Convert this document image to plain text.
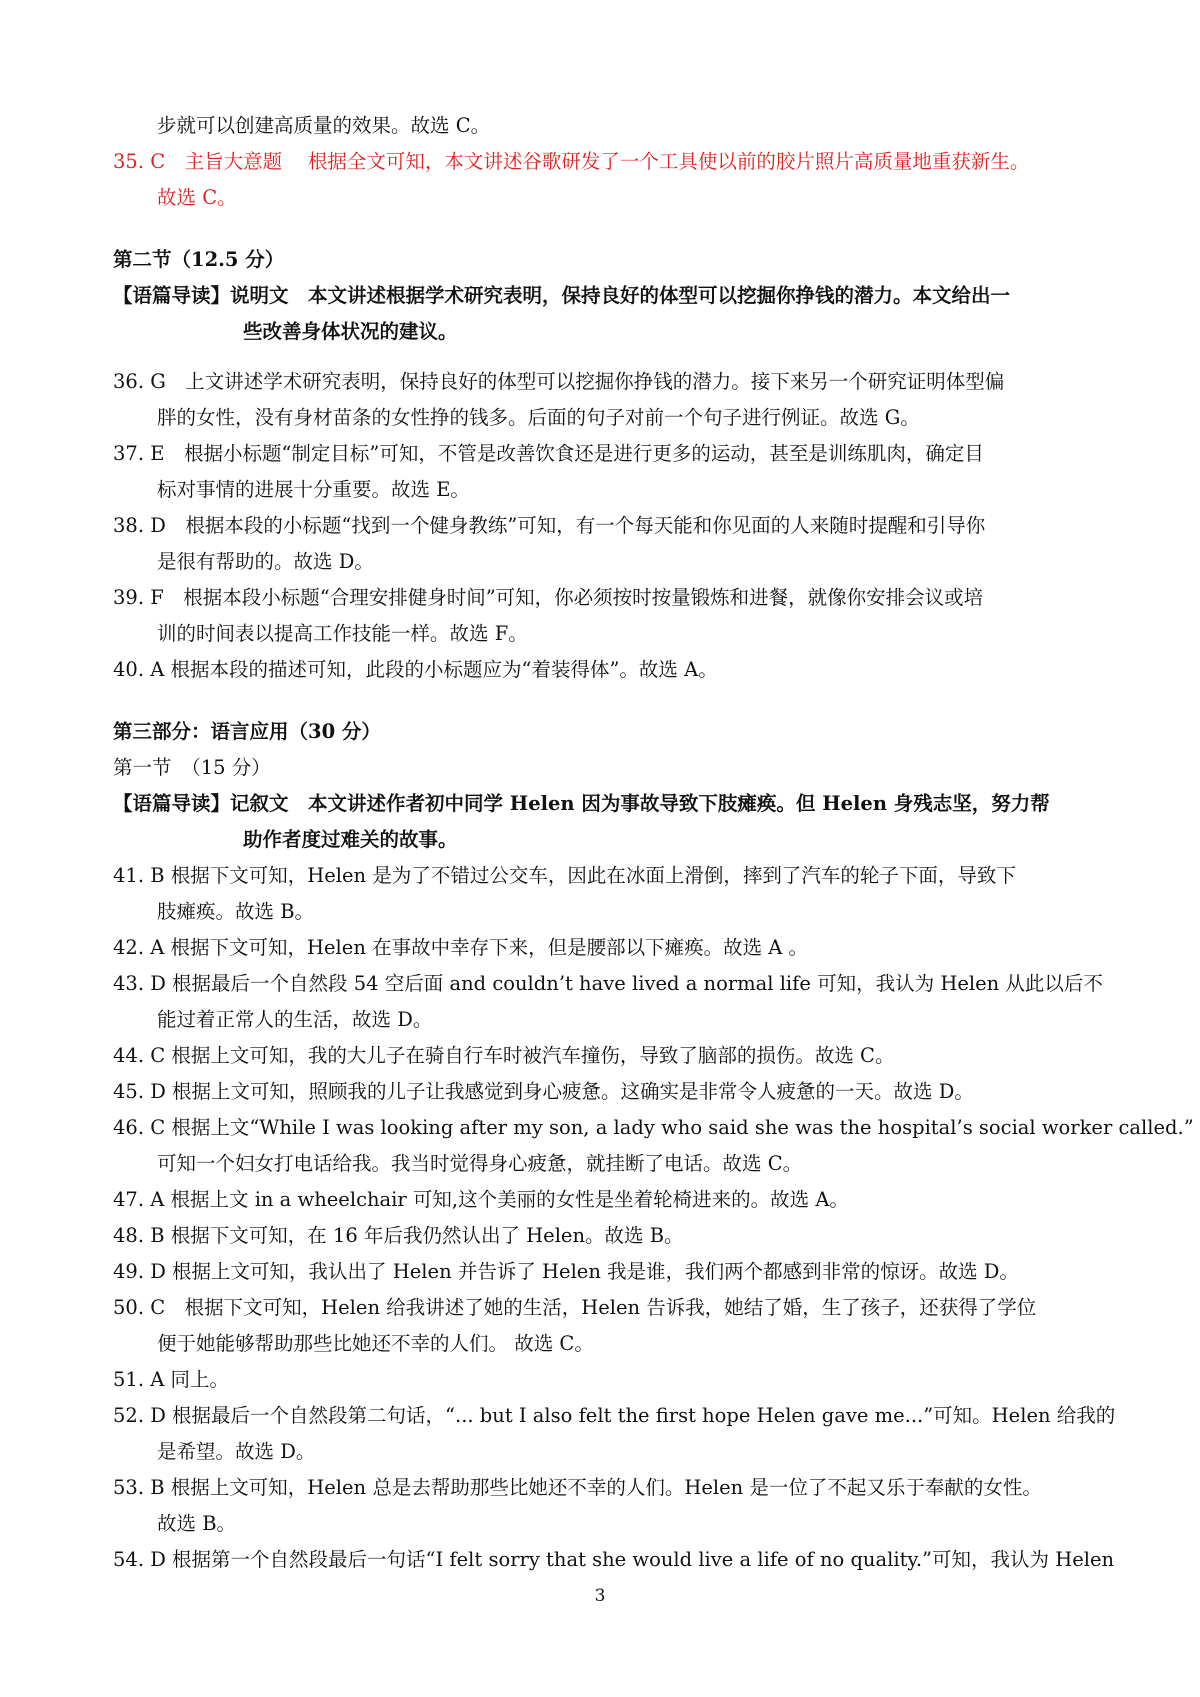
步就可以创建高质量的效果。故选 C。
35. C　主旨大意题　 根据全文可知，本文讲述谷歌研发了一个工具使以前的胶片照片高质量地重获新生。
故选 C。
第二节（12.5 分）
【语篇导读】说明文　本文讲述根据学术研究表明，保持良好的体型可以挖掘你挣钱的潜力。本文给出一
些改善身体状况的建议。
36. G　上文讲述学术研究表明，保持良好的体型可以挖掘你挣钱的潜力。接下来另一个研究证明体型偏
胖的女性，没有身材苗条的女性挣的钱多。后面的句子对前一个句子进行例证。故选 G。
37. E　根据小标题“制定目标”可知，不管是改善饮食还是进行更多的运动，甚至是训练肌肉，确定目
标对事情的进展十分重要。故选 E。
38. D　根据本段的小标题“找到一个健身教练”可知，有一个每天能和你见面的人来随时提醒和引导你
是很有帮助的。故选 D。
39. F　根据本段小标题“合理安排健身时间”可知，你必须按时按量锻炼和进餐，就像你安排会议或培
训的时间表以提高工作技能一样。故选 F。
40. A 根据本段的描述可知，此段的小标题应为“着装得体”。故选 A。
第三部分：语言应用（30 分）
第一节　（15 分）
【语篇导读】记叙文　本文讲述作者初中同学 Helen 因为事故导致下肢瘫痪。但 Helen 身残志坚，努力帮
助作者度过难关的故事。
41. B 根据下文可知，Helen 是为了不错过公交车，因此在冰面上滑倒，摔到了汽车的轮子下面，导致下
肢瘫痪。故选 B。
42. A 根据下文可知，Helen 在事故中幸存下来，但是腰部以下瘫痪。故选 A 。
43. D 根据最后一个自然段 54 空后面 and couldn’t have lived a normal life 可知，我认为 Helen 从此以后不
能过着正常人的生活，故选 D。
44. C 根据上文可知，我的大儿子在骑自行车时被汽车撞伤，导致了脑部的损伤。故选 C。
45. D 根据上文可知，照顾我的儿子让我感觉到身心疲惫。这确实是非常令人疲惫的一天。故选 D。
46. C 根据上文“While I was looking after my son, a lady who said she was the hospital’s social worker called.”
可知一个妇女打电话给我。我当时觉得身心疲惫，就挂断了电话。故选 C。
47. A 根据上文 in a wheelchair 可知,这个美丽的女性是坐着轮椅进来的。故选 A。
48. B 根据下文可知，在 16 年后我仍然认出了 Helen。故选 B。
49. D 根据上文可知，我认出了 Helen 并告诉了 Helen 我是谁，我们两个都感到非常的惊讶。故选 D。
50. C　根据下文可知，Helen 给我讲述了她的生活，Helen 告诉我，她结了婚，生了孩子，还获得了学位
便于她能够帮助那些比她还不幸的人们。 故选 C。
51. A 同上。
52. D 根据最后一个自然段第二句话，“... but I also felt the first hope Helen gave me...”可知。Helen 给我的
是希望。故选 D。
53. B 根据上文可知，Helen 总是去帮助那些比她还不幸的人们。Helen 是一位了不起又乐于奉献的女性。
故选 B。
54. D 根据第一个自然段最后一句话“I felt sorry that she would live a life of no quality.”可知，我认为 Helen
3
